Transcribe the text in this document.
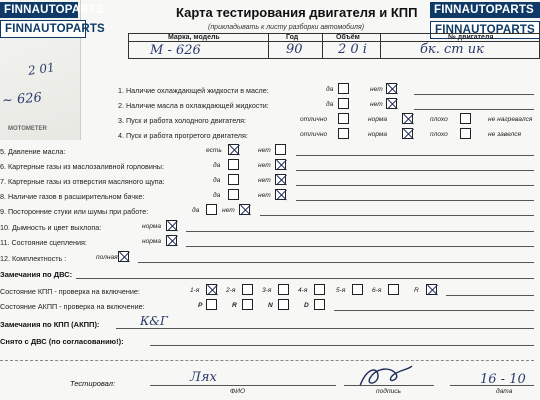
2 01
~ 626
MOTOMETER
FINNAUTOPARTS
FINNAUTOPARTS
FINNAUTOPARTS
FINNAUTOPARTS
Карта тестирования двигателя и КПП
(прикладывать к листу разборки автомобиля)
Марка, модель	Год	Объём	№ двигателя
M - 626	90	2 0 i	бк. ст ик
1. Наличие охлаждающей жидкости в масле:	да	нет
2. Наличие масла в охлаждающей жидкости:	да	нет
3. Пуск и работа холодного двигателя:	отлично	норма	плохо	не нагревался
4. Пуск и работа прогретого двигателя:	отлично	норма	плохо	не завелся
5. Давление масла:	есть	нет
6. Картерные газы из маслозаливной горловины:	да	нет
7. Картерные газы из отверстия масляного щупа:	да	нет
8. Наличие газов в расширительном бачке:	да	нет
9. Посторонние стуки или шумы при работе:	да	нет
10. Дымность и цвет выхлопа:	норма
11. Состояние сцепления:	норма
12. Комплектность :	полная
Замечания по ДВС:
Состояние КПП - проверка на включение:	1-я	2-я	3-я	4-я	5-я	6-я	R
Состояние АКПП - проверка на включение:	P	R	N	D
Замечания по КПП (АКПП):	К&Г
Снято с ДВС (по согласованию!):
Тестировал:	Ляx
ФИО	подпись
16 - 10
дата
